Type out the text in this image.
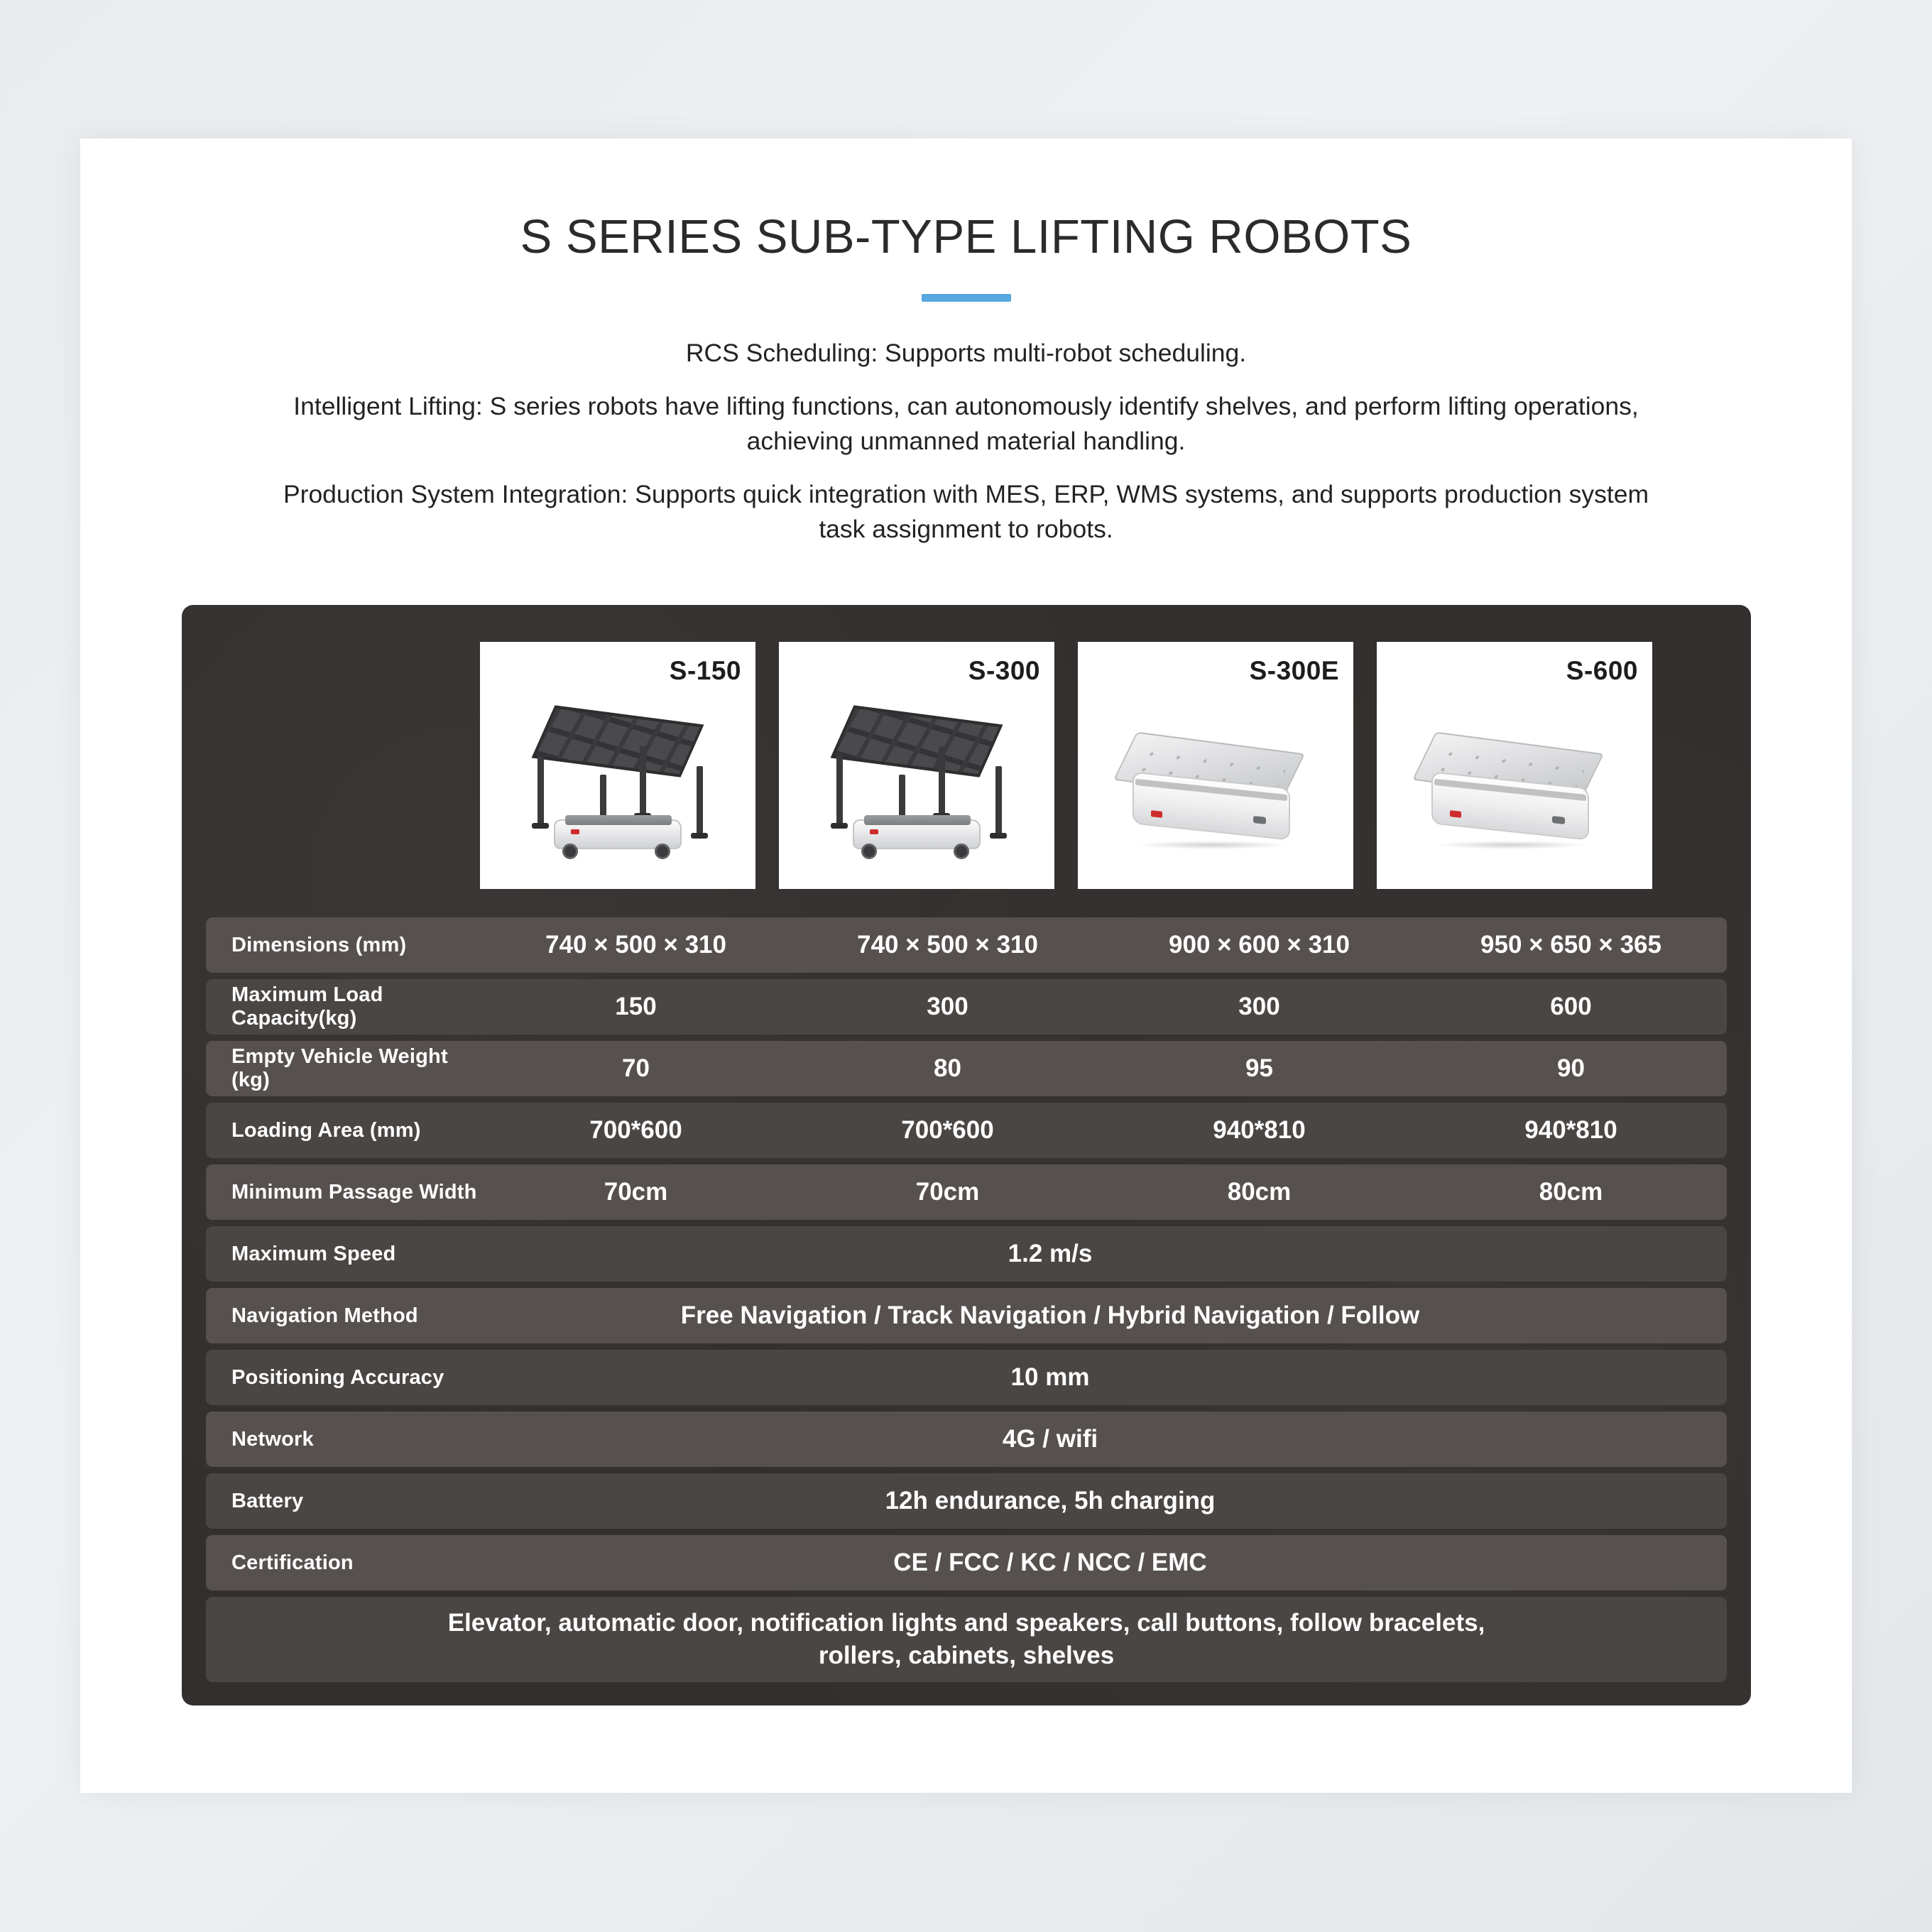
S SERIES SUB-TYPE LIFTING ROBOTS

RCS Scheduling: Supports multi-robot scheduling.

Intelligent Lifting: S series robots have lifting functions, can autonomously identify shelves, and perform lifting operations, achieving unmanned material handling.

Production System Integration: Supports quick integration with MES, ERP, WMS systems, and supports production system task assignment to robots.

S-150	S-300	S-300E	S-600
Dimensions (mm)	740 × 500 × 310	740 × 500 × 310	900 × 600 × 310	950 × 650 × 365
Maximum Load Capacity(kg)	150	300	300	600
Empty Vehicle Weight (kg)	70	80	95	90
Loading Area (mm)	700*600	700*600	940*810	940*810
Minimum Passage Width	70cm	70cm	80cm	80cm
Maximum Speed	1.2 m/s
Navigation Method	Free Navigation / Track Navigation / Hybrid Navigation / Follow
Positioning Accuracy	10 mm
Network	4G / wifi
Battery	12h endurance, 5h charging
Certification	CE / FCC / KC / NCC / EMC
Elevator, automatic door, notification lights and speakers, call buttons, follow bracelets, rollers, cabinets, shelves
